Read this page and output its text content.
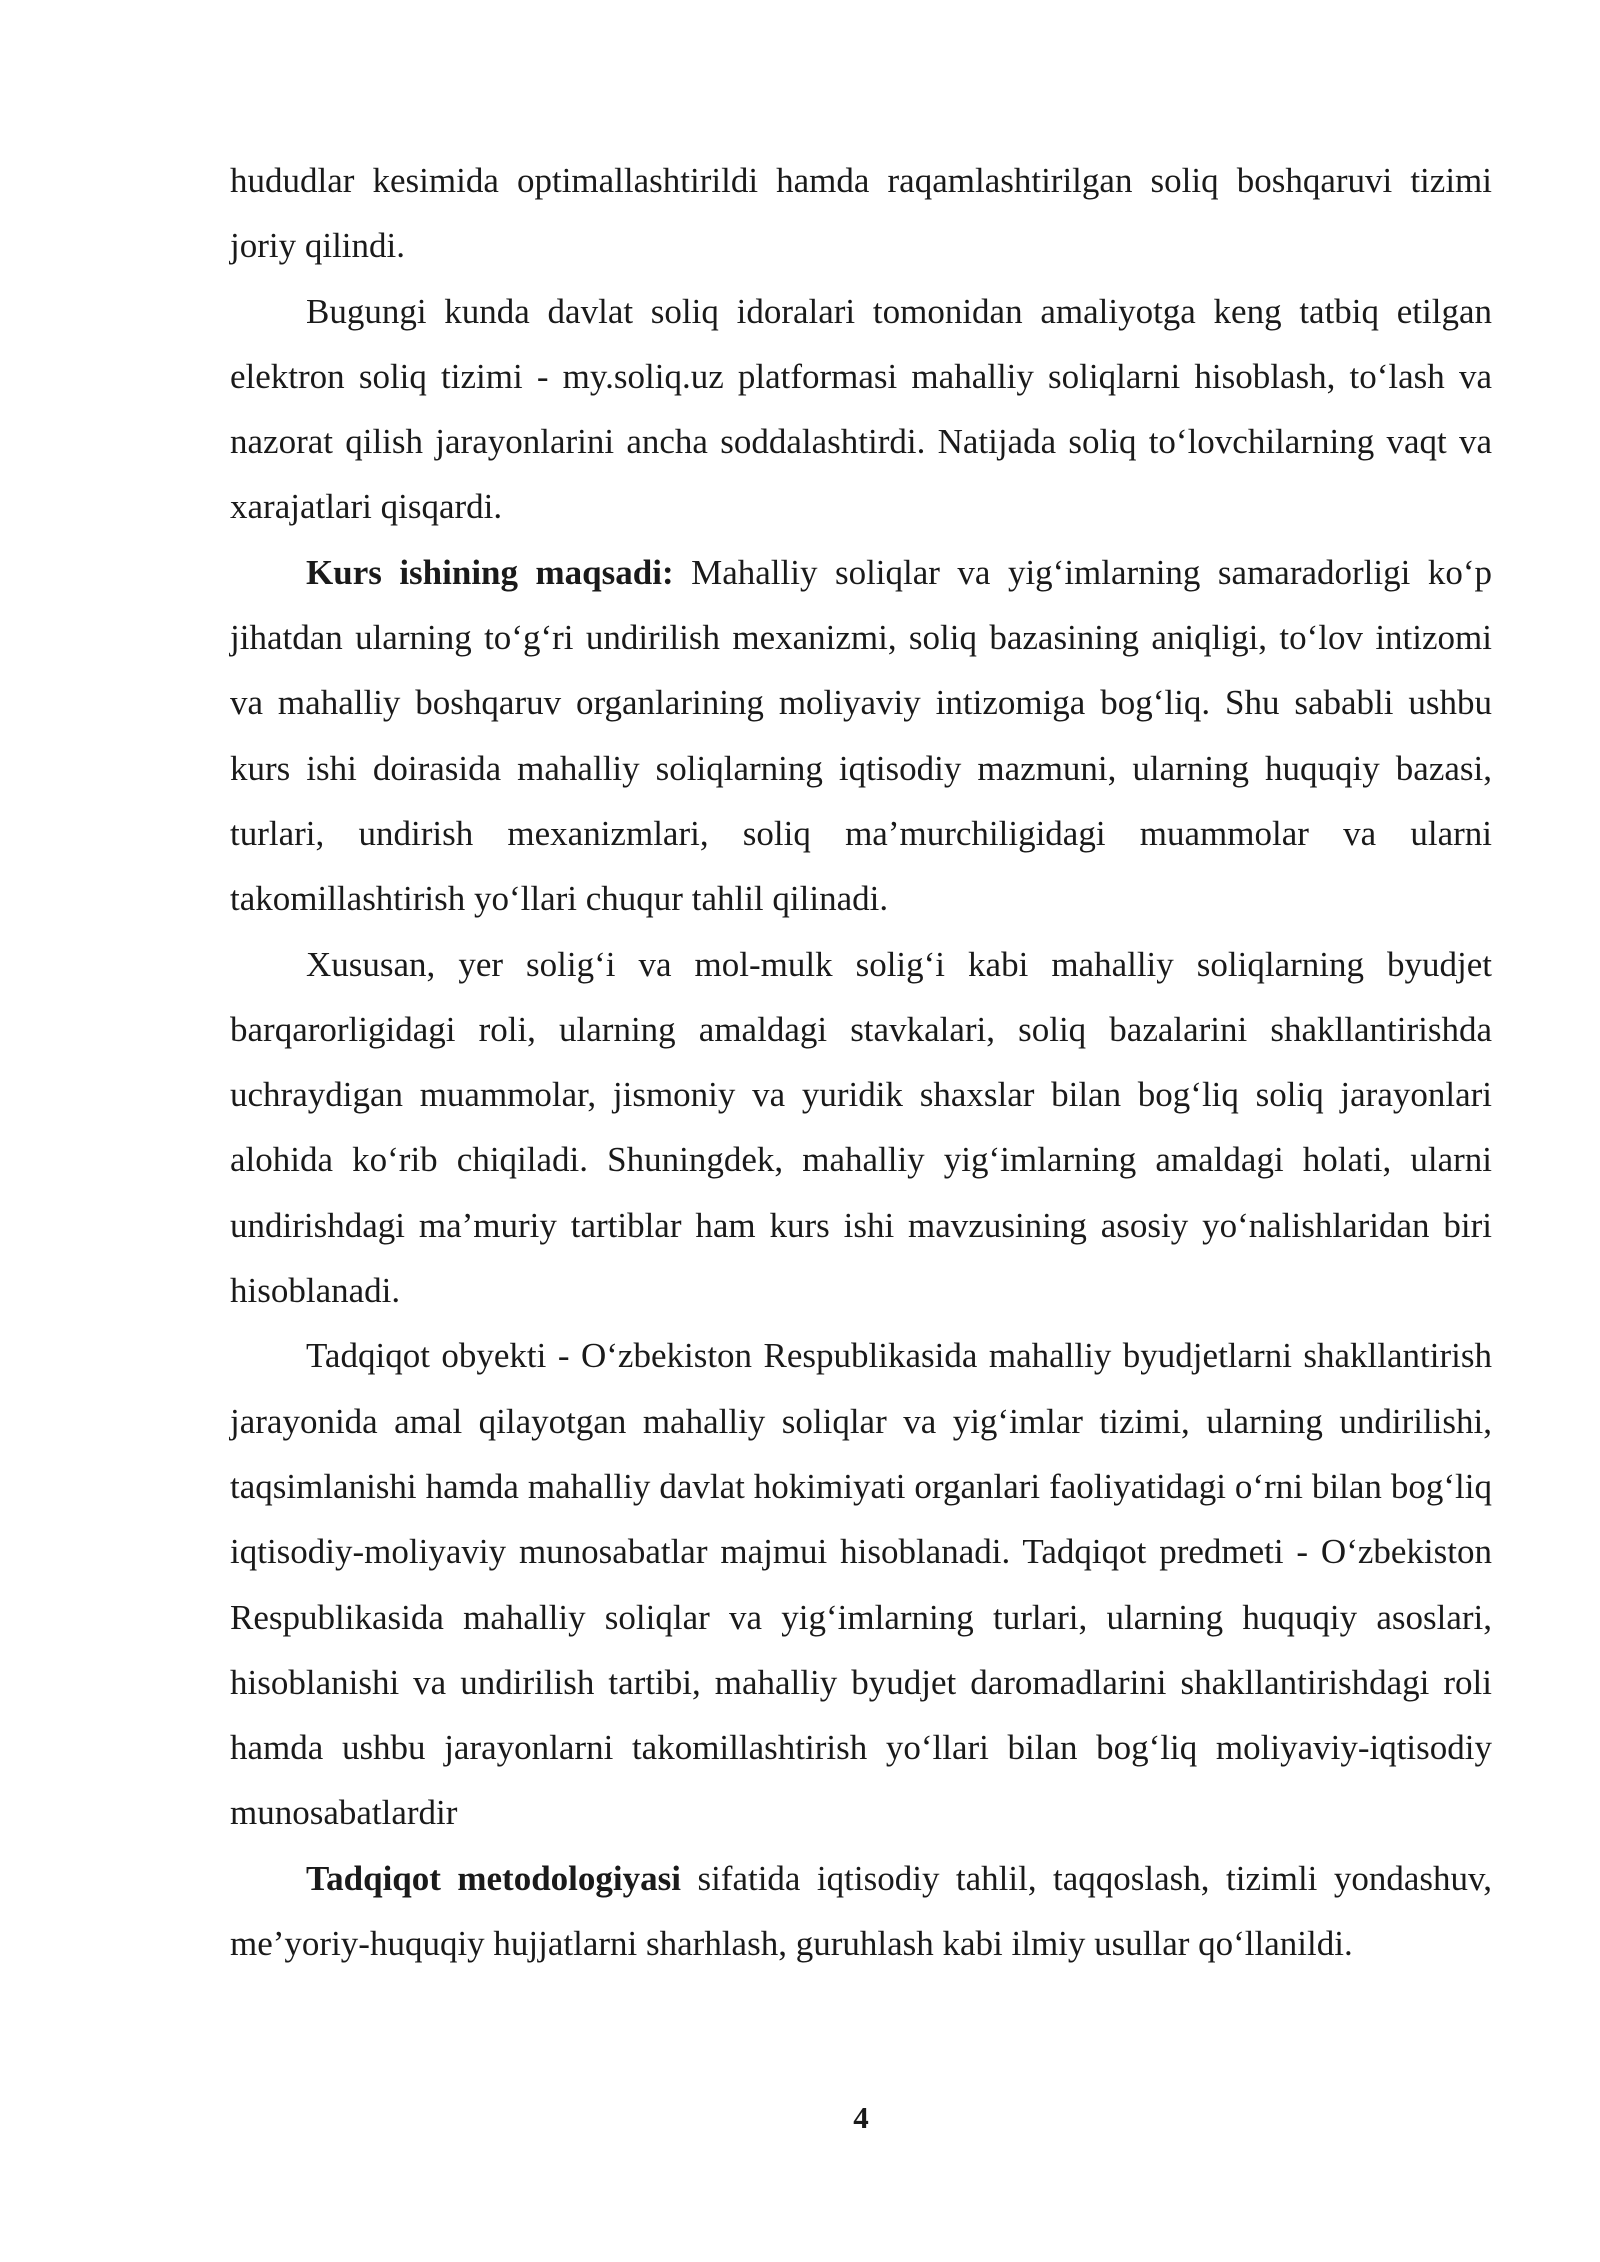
hududlar kesimida optimallashtirildi hamda raqamlashtirilgan soliq boshqaruvi tizimi joriy qilindi.

Bugungi kunda davlat soliq idoralari tomonidan amaliyotga keng tatbiq etilgan elektron soliq tizimi - my.soliq.uz platformasi mahalliy soliqlarni hisoblash, to‘lash va nazorat qilish jarayonlarini ancha soddalashtirdi. Natijada soliq to‘lovchilarning vaqt va xarajatlari qisqardi.

Kurs ishining maqsadi: Mahalliy soliqlar va yig‘imlarning samaradorligi ko‘p jihatdan ularning to‘g‘ri undirilish mexanizmi, soliq bazasining aniqligi, to‘lov intizomi va mahalliy boshqaruv organlarining moliyaviy intizomiga bog‘liq. Shu sababli ushbu kurs ishi doirasida mahalliy soliqlarning iqtisodiy mazmuni, ularning huquqiy bazasi, turlari, undirish mexanizmlari, soliq ma’murchiligidagi muammolar va ularni takomillashtirish yo‘llari chuqur tahlil qilinadi.

Xususan, yer solig‘i va mol-mulk solig‘i kabi mahalliy soliqlarning byudjet barqarorligidagi roli, ularning amaldagi stavkalari, soliq bazalarini shakllantirishda uchraydigan muammolar, jismoniy va yuridik shaxslar bilan bog‘liq soliq jarayonlari alohida ko‘rib chiqiladi. Shuningdek, mahalliy yig‘imlarning amaldagi holati, ularni undirishdagi ma’muriy tartiblar ham kurs ishi mavzusining asosiy yo‘nalishlaridan biri hisoblanadi.

Tadqiqot obyekti - O‘zbekiston Respublikasida mahalliy byudjetlarni shakllantirish jarayonida amal qilayotgan mahalliy soliqlar va yig‘imlar tizimi, ularning undirilishi, taqsimlanishi hamda mahalliy davlat hokimiyati organlari faoliyatidagi o‘rni bilan bog‘liq iqtisodiy-moliyaviy munosabatlar majmui hisoblanadi. Tadqiqot predmeti - O‘zbekiston Respublikasida mahalliy soliqlar va yig‘imlarning turlari, ularning huquqiy asoslari, hisoblanishi va undirilish tartibi, mahalliy byudjet daromadlarini shakllantirishdagi roli hamda ushbu jarayonlarni takomillashtirish yo‘llari bilan bog‘liq moliyaviy-iqtisodiy munosabatlardir

Tadqiqot metodologiyasi sifatida iqtisodiy tahlil, taqqoslash, tizimli yondashuv, me’yoriy-huquqiy hujjatlarni sharhlash, guruhlash kabi ilmiy usullar qo‘llanildi.

4
